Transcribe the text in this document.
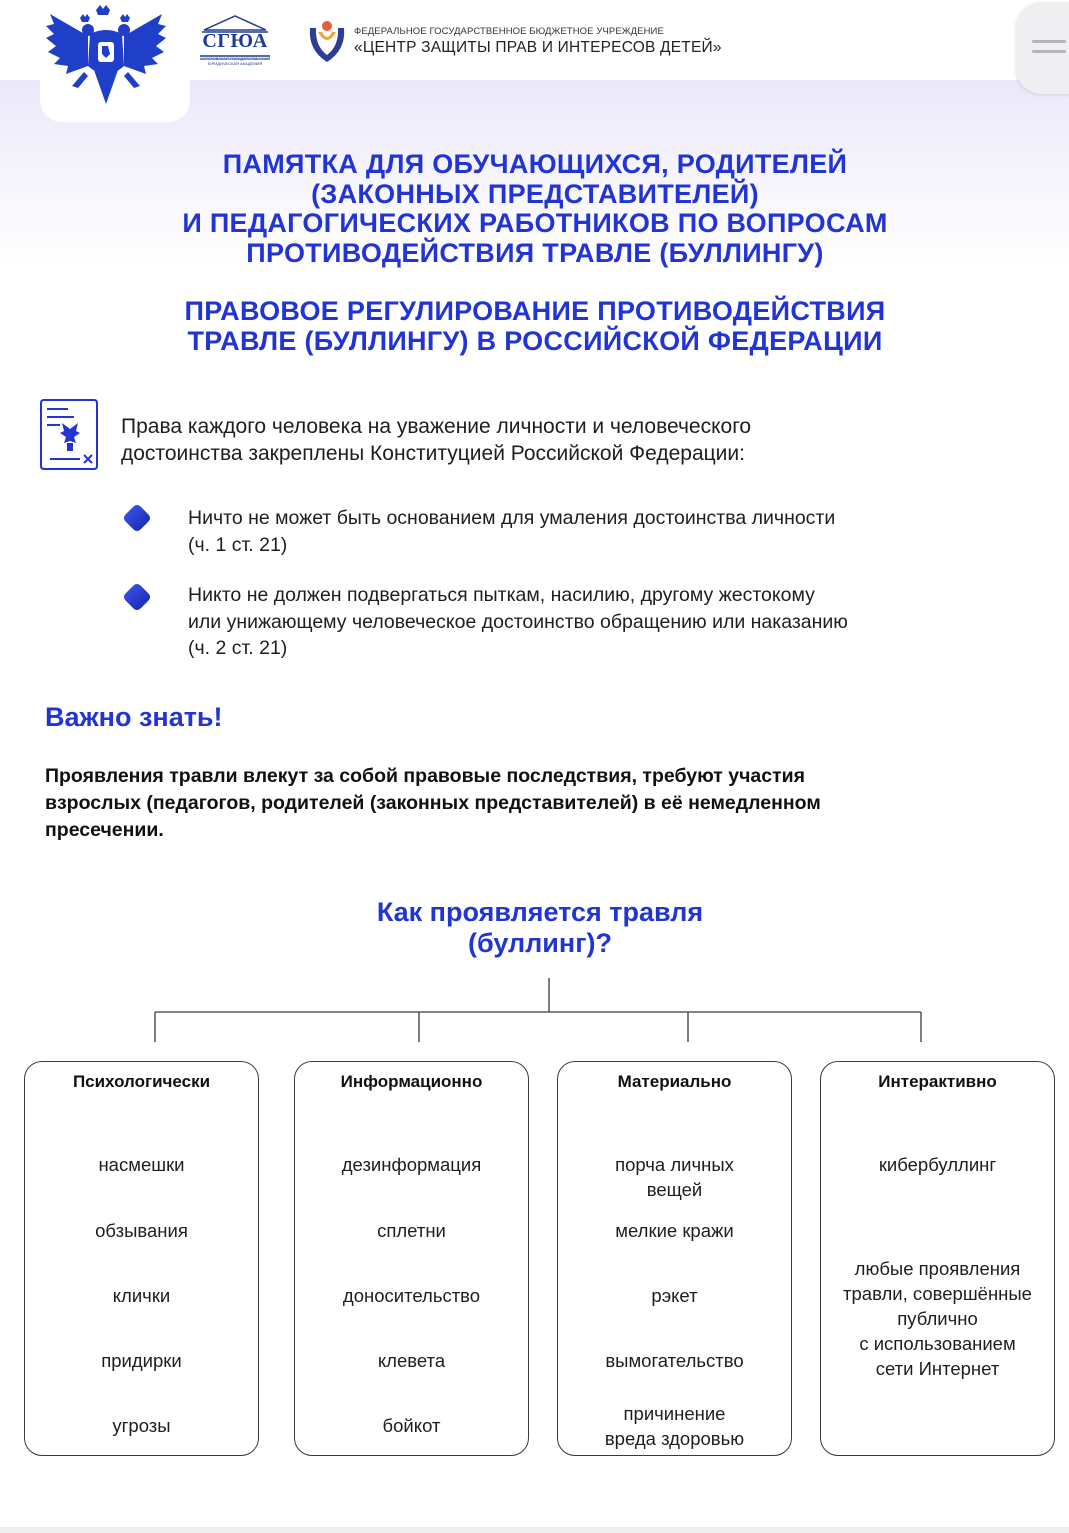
СГЮА
САРАТОВСКАЯ ГОСУДАРСТВЕННАЯ ЮРИДИЧЕСКАЯ АКАДЕМИЯ
ФЕДЕРАЛЬНОЕ ГОСУДАРСТВЕННОЕ БЮДЖЕТНОЕ УЧРЕЖДЕНИЕ
«ЦЕНТР ЗАЩИТЫ ПРАВ И ИНТЕРЕСОВ ДЕТЕЙ»
ПАМЯТКА ДЛЯ ОБУЧАЮЩИХСЯ, РОДИТЕЛЕЙ
(ЗАКОННЫХ ПРЕДСТАВИТЕЛЕЙ)
И ПЕДАГОГИЧЕСКИХ РАБОТНИКОВ ПО ВОПРОСАМ
ПРОТИВОДЕЙСТВИЯ ТРАВЛЕ (БУЛЛИНГУ)
ПРАВОВОЕ РЕГУЛИРОВАНИЕ ПРОТИВОДЕЙСТВИЯ
ТРАВЛЕ (БУЛЛИНГУ) В РОССИЙСКОЙ ФЕДЕРАЦИИ
Права каждого человека на уважение личности и человеческого
достоинства закреплены Конституцией Российской Федерации:
Ничто не может быть основанием для умаления достоинства личности
(ч. 1 ст. 21)
Никто не должен подвергаться пыткам, насилию, другому жестокому
или унижающему человеческое достоинство обращению или наказанию
(ч. 2 ст. 21)
Важно знать!
Проявления травли влекут за собой правовые последствия, требуют участия
взрослых (педагогов, родителей (законных представителей) в её немедленном
пресечении.
Как проявляется травля
(буллинг)?
Психологически
насмешки
обзывания
клички
придирки
угрозы
Информационно
дезинформация
сплетни
доносительство
клевета
бойкот
Материально
порча личных
вещей
мелкие кражи
рэкет
вымогательство
причинение
вреда здоровью
Интерактивно
кибербуллинг
любые проявления
травли, совершённые
публично
с использованием
сети Интернет
